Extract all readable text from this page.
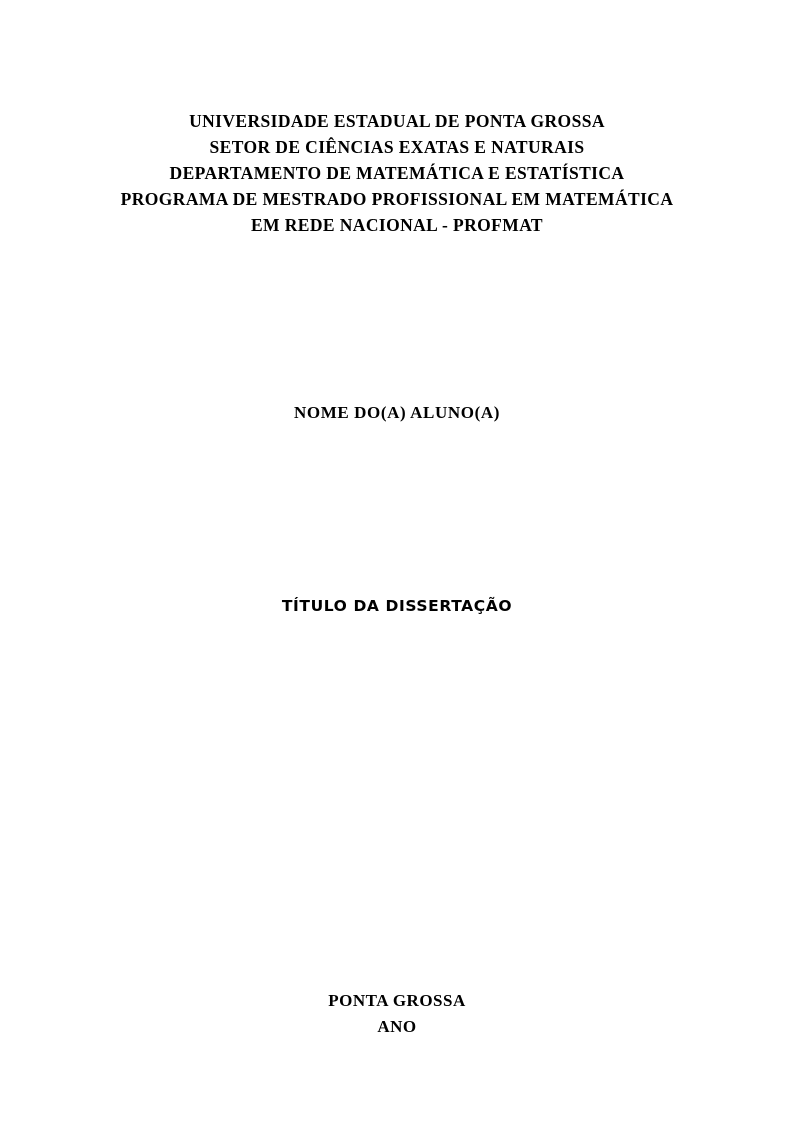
UNIVERSIDADE ESTADUAL DE PONTA GROSSA
SETOR DE CIÊNCIAS EXATAS E NATURAIS
DEPARTAMENTO DE MATEMÁTICA E ESTATÍSTICA
PROGRAMA DE MESTRADO PROFISSIONAL EM MATEMÁTICA
EM REDE NACIONAL - PROFMAT
NOME DO(A) ALUNO(A)
TÍTULO DA DISSERTAÇÃO
PONTA GROSSA
ANO
